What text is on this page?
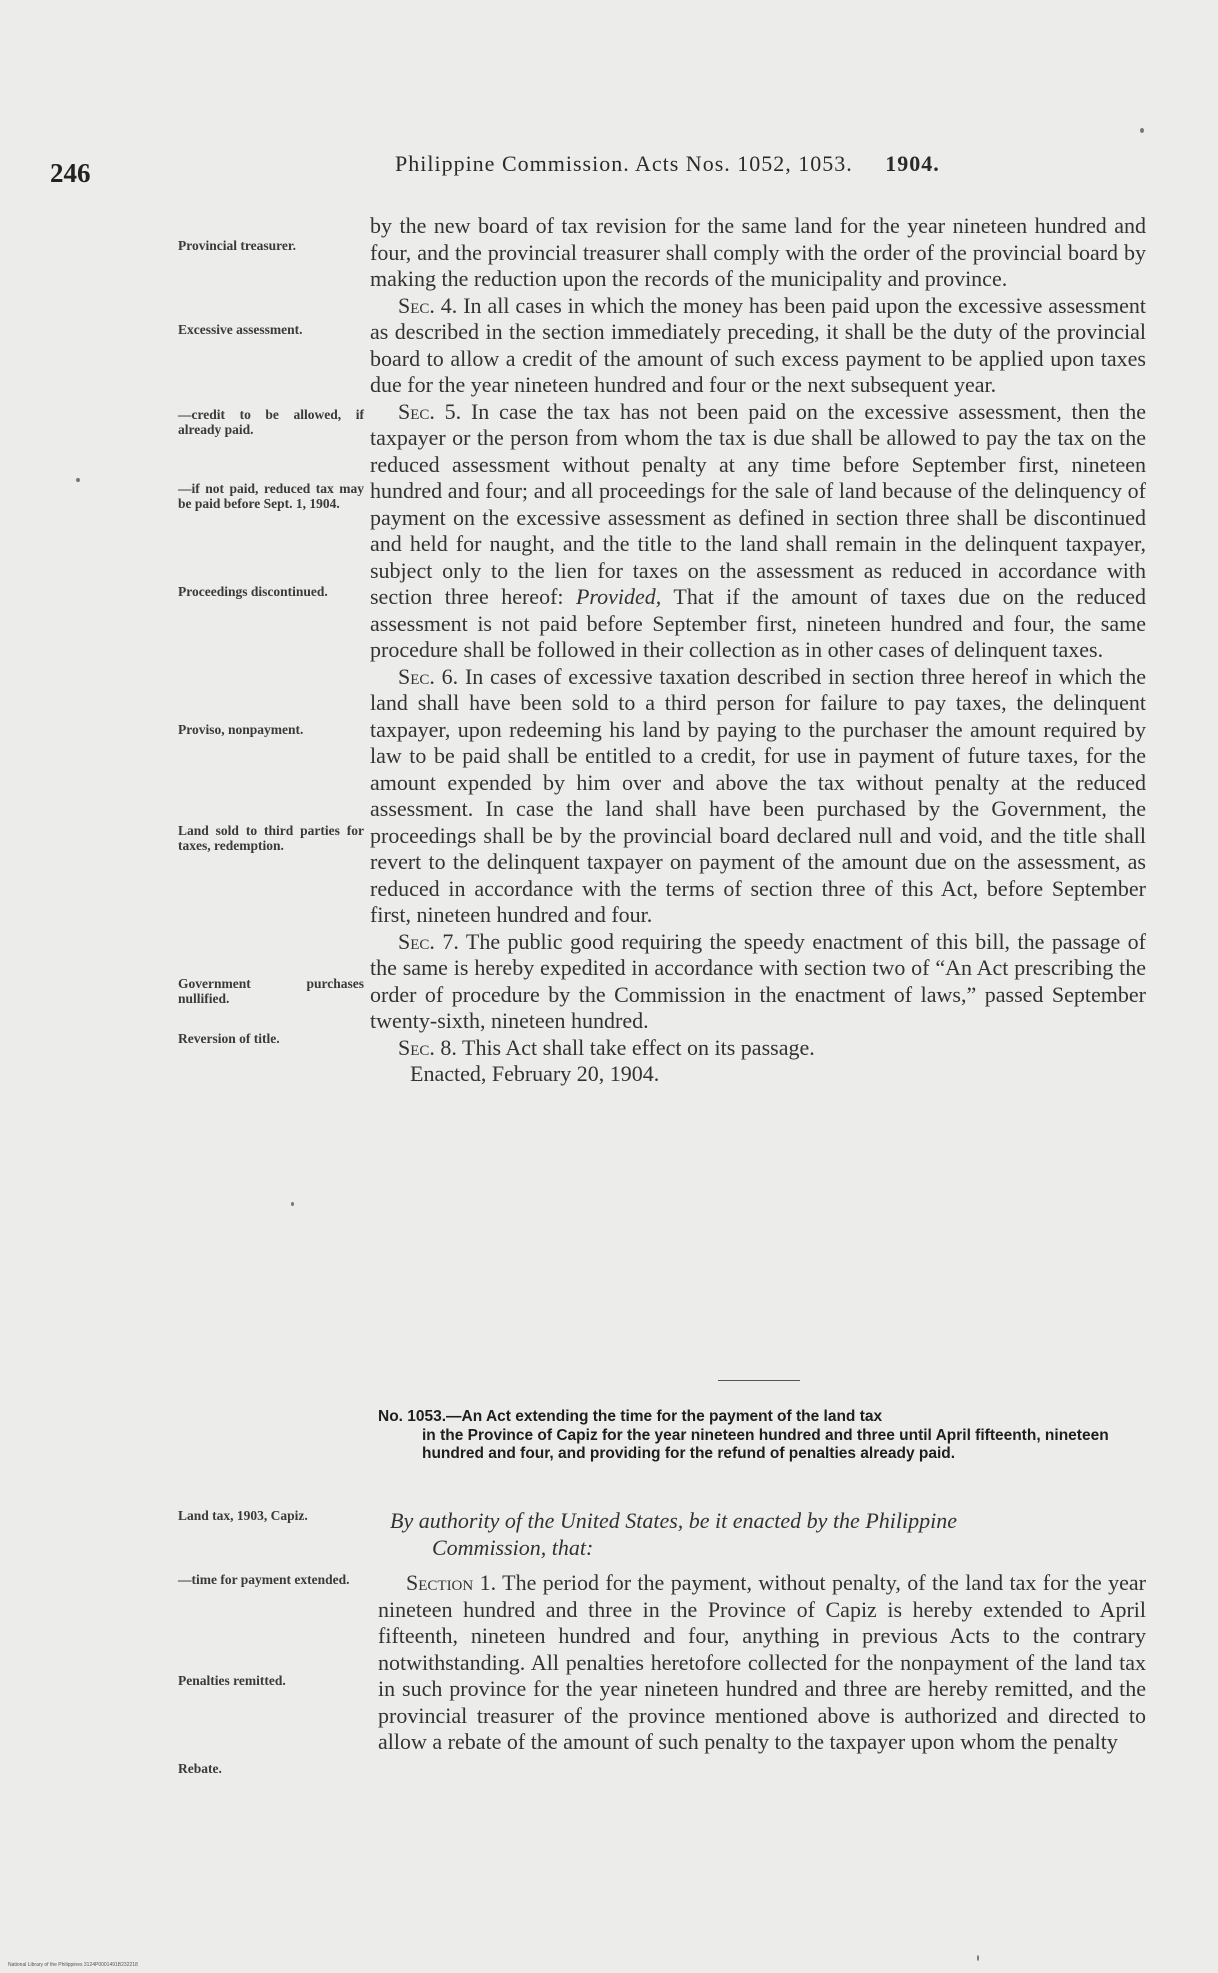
246	Philippine Commission. Acts Nos. 1052, 1053. 1904.
Provincial treasurer.
Excessive assessment.
—credit to be allowed, if already paid.
—if not paid, reduced tax may be paid before Sept. 1, 1904.
Proceedings discontinued.
Proviso, nonpayment.
Land sold to third parties for taxes, redemption.
Government purchases nullified.
Reversion of title.
Land tax, 1903, Capiz.
—time for payment extended.
Penalties remitted.
Rebate.

by the new board of tax revision for the same land for the year nineteen hundred and four, and the provincial treasurer shall comply with the order of the provincial board by making the reduction upon the records of the municipality and province.

Sec. 4. In all cases in which the money has been paid upon the excessive assessment as described in the section immediately preceding, it shall be the duty of the provincial board to allow a credit of the amount of such excess payment to be applied upon taxes due for the year nineteen hundred and four or the next subsequent year.

Sec. 5. In case the tax has not been paid on the excessive assessment, then the taxpayer or the person from whom the tax is due shall be allowed to pay the tax on the reduced assessment without penalty at any time before September first, nineteen hundred and four; and all proceedings for the sale of land because of the delinquency of payment on the excessive assessment as defined in section three shall be discontinued and held for naught, and the title to the land shall remain in the delinquent taxpayer, subject only to the lien for taxes on the assessment as reduced in accordance with section three hereof: Provided, That if the amount of taxes due on the reduced assessment is not paid before September first, nineteen hundred and four, the same procedure shall be followed in their collection as in other cases of delinquent taxes.

Sec. 6. In cases of excessive taxation described in section three hereof in which the land shall have been sold to a third person for failure to pay taxes, the delinquent taxpayer, upon redeeming his land by paying to the purchaser the amount required by law to be paid shall be entitled to a credit, for use in payment of future taxes, for the amount expended by him over and above the tax without penalty at the reduced assessment. In case the land shall have been purchased by the Government, the proceedings shall be by the provincial board declared null and void, and the title shall revert to the delinquent taxpayer on payment of the amount due on the assessment, as reduced in accordance with the terms of section three of this Act, before September first, nineteen hundred and four.

Sec. 7. The public good requiring the speedy enactment of this bill, the passage of the same is hereby expedited in accordance with section two of “An Act prescribing the order of procedure by the Commission in the enactment of laws,” passed September twenty-sixth, nineteen hundred.

Sec. 8. This Act shall take effect on its passage.

Enacted, February 20, 1904.

No. 1053.—An Act extending the time for the payment of the land tax
in the Province of Capiz for the year nineteen hundred and three until April fifteenth, nineteen hundred and four, and providing for the refund of penalties already paid.
By authority of the United States, be it enacted by the Philippine
Commission, that:

Section 1. The period for the payment, without penalty, of the land tax for the year nineteen hundred and three in the Province of Capiz is hereby extended to April fifteenth, nineteen hundred and four, anything in previous Acts to the contrary notwithstanding. All penalties heretofore collected for the nonpayment of the land tax in such province for the year nineteen hundred and three are hereby remitted, and the provincial treasurer of the province mentioned above is authorized and directed to allow a rebate of the amount of such penalty to the taxpayer upon whom the penalty

National Library of the Philippines 3124P0001491B232218
